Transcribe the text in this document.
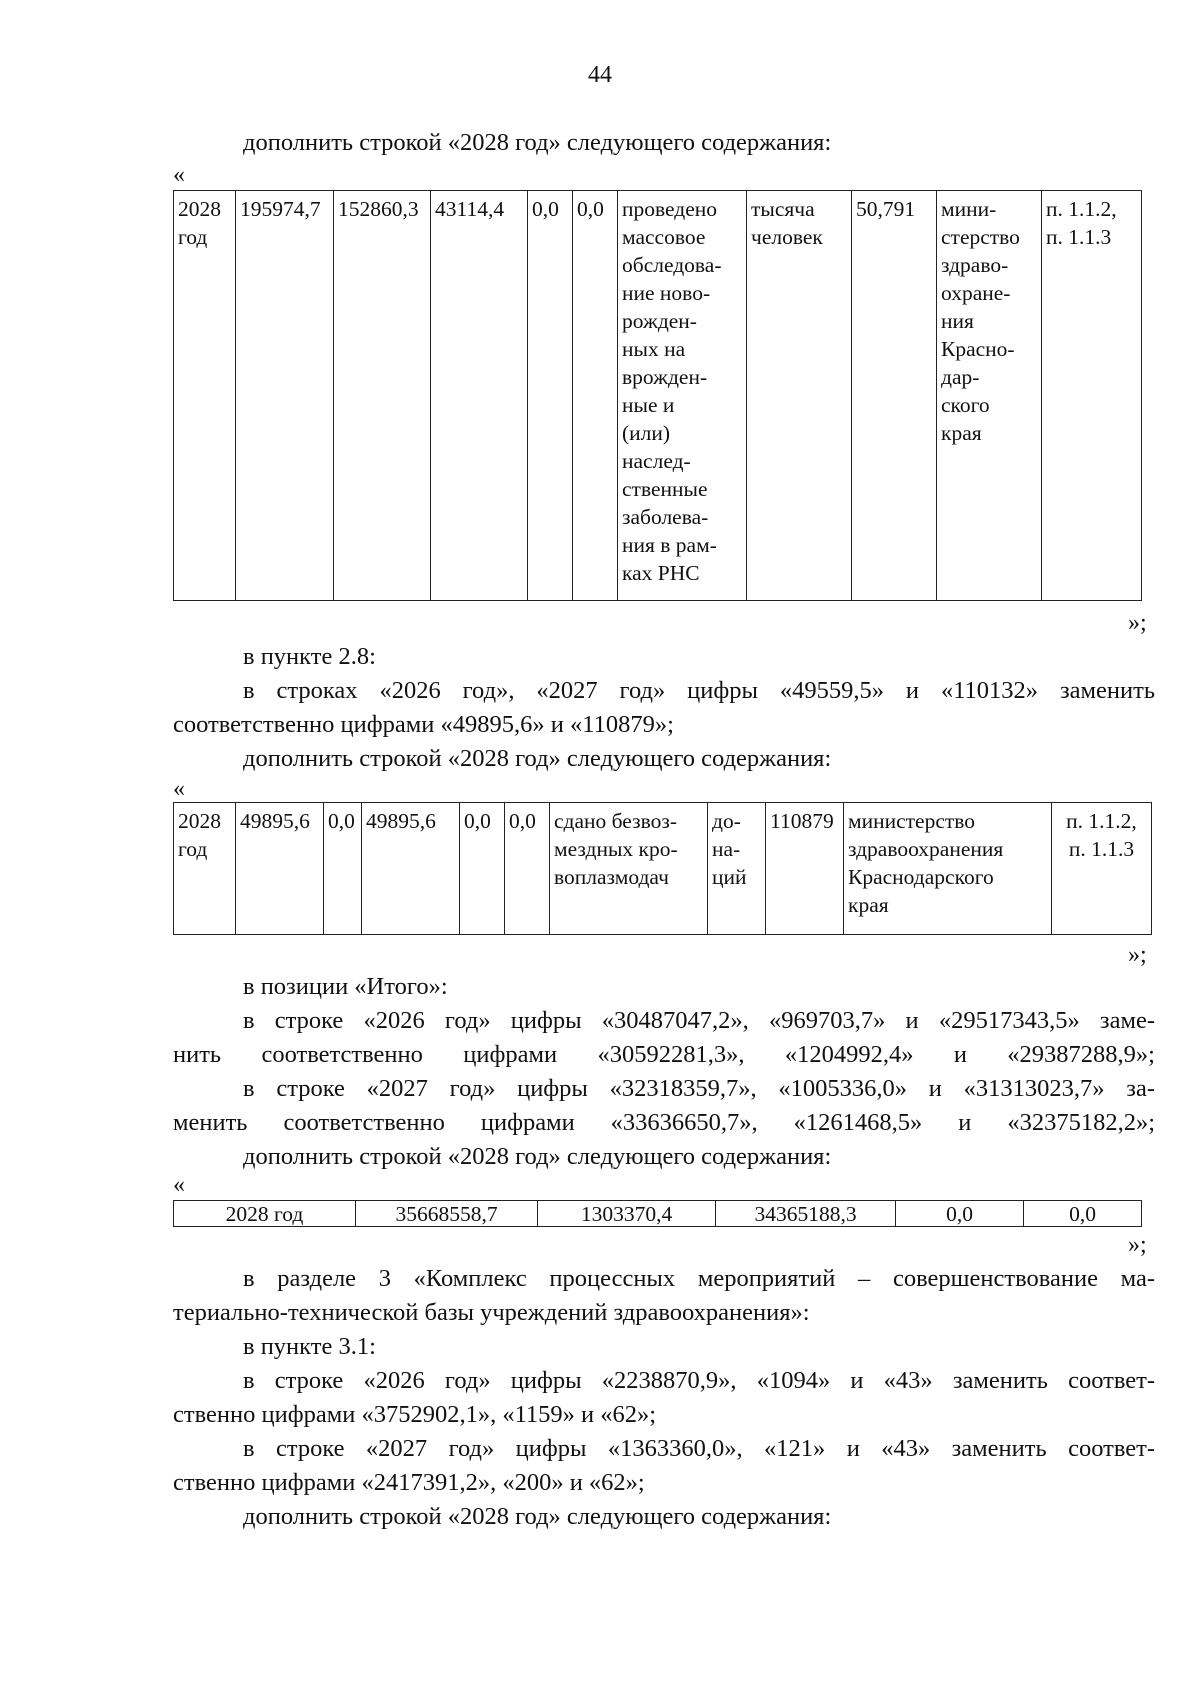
44
дополнить строкой «2028 год» следующего содержания:
«
2028
год	195974,7	152860,3	43114,4	0,0	0,0	проведено
массовое
обследова-
ние ново-
рожден-
ных на
врожден-
ные и
(или)
наслед-
ственные
заболева-
ния в рам-
ках РНС	тысяча
человек	50,791	мини-
стерство
здраво-
охране-
ния
Красно-
дар-
ского
края	п. 1.1.2,
п. 1.1.3
»;
в пункте 2.8:
в строках «2026 год», «2027 год» цифры «49559,5» и «110132» заменить
соответственно цифрами «49895,6» и «110879»;
дополнить строкой «2028 год» следующего содержания:
«
2028
год	49895,6	0,0	49895,6	0,0	0,0	сдано безвоз-
мездных кро-
воплазмодач	до-
на-
ций	110879	министерство
здравоохранения
Краснодарского
края	п. 1.1.2,
п. 1.1.3
»;
в позиции «Итого»:
в строке «2026 год» цифры «30487047,2», «969703,7» и «29517343,5» заме-
нить соответственно цифрами «30592281,3», «1204992,4» и «29387288,9»;
в строке «2027 год» цифры «32318359,7», «1005336,0» и «31313023,7» за-
менить соответственно цифрами «33636650,7», «1261468,5» и «32375182,2»;
дополнить строкой «2028 год» следующего содержания:
«
2028 год	35668558,7	1303370,4	34365188,3	0,0	0,0
»;
в разделе 3 «Комплекс процессных мероприятий – совершенствование ма-
териально-технической базы учреждений здравоохранения»:
в пункте 3.1:
в строке «2026 год» цифры «2238870,9», «1094» и «43» заменить соответ-
ственно цифрами «3752902,1», «1159» и «62»;
в строке «2027 год» цифры «1363360,0», «121» и «43» заменить соответ-
ственно цифрами «2417391,2», «200» и «62»;
дополнить строкой «2028 год» следующего содержания:
